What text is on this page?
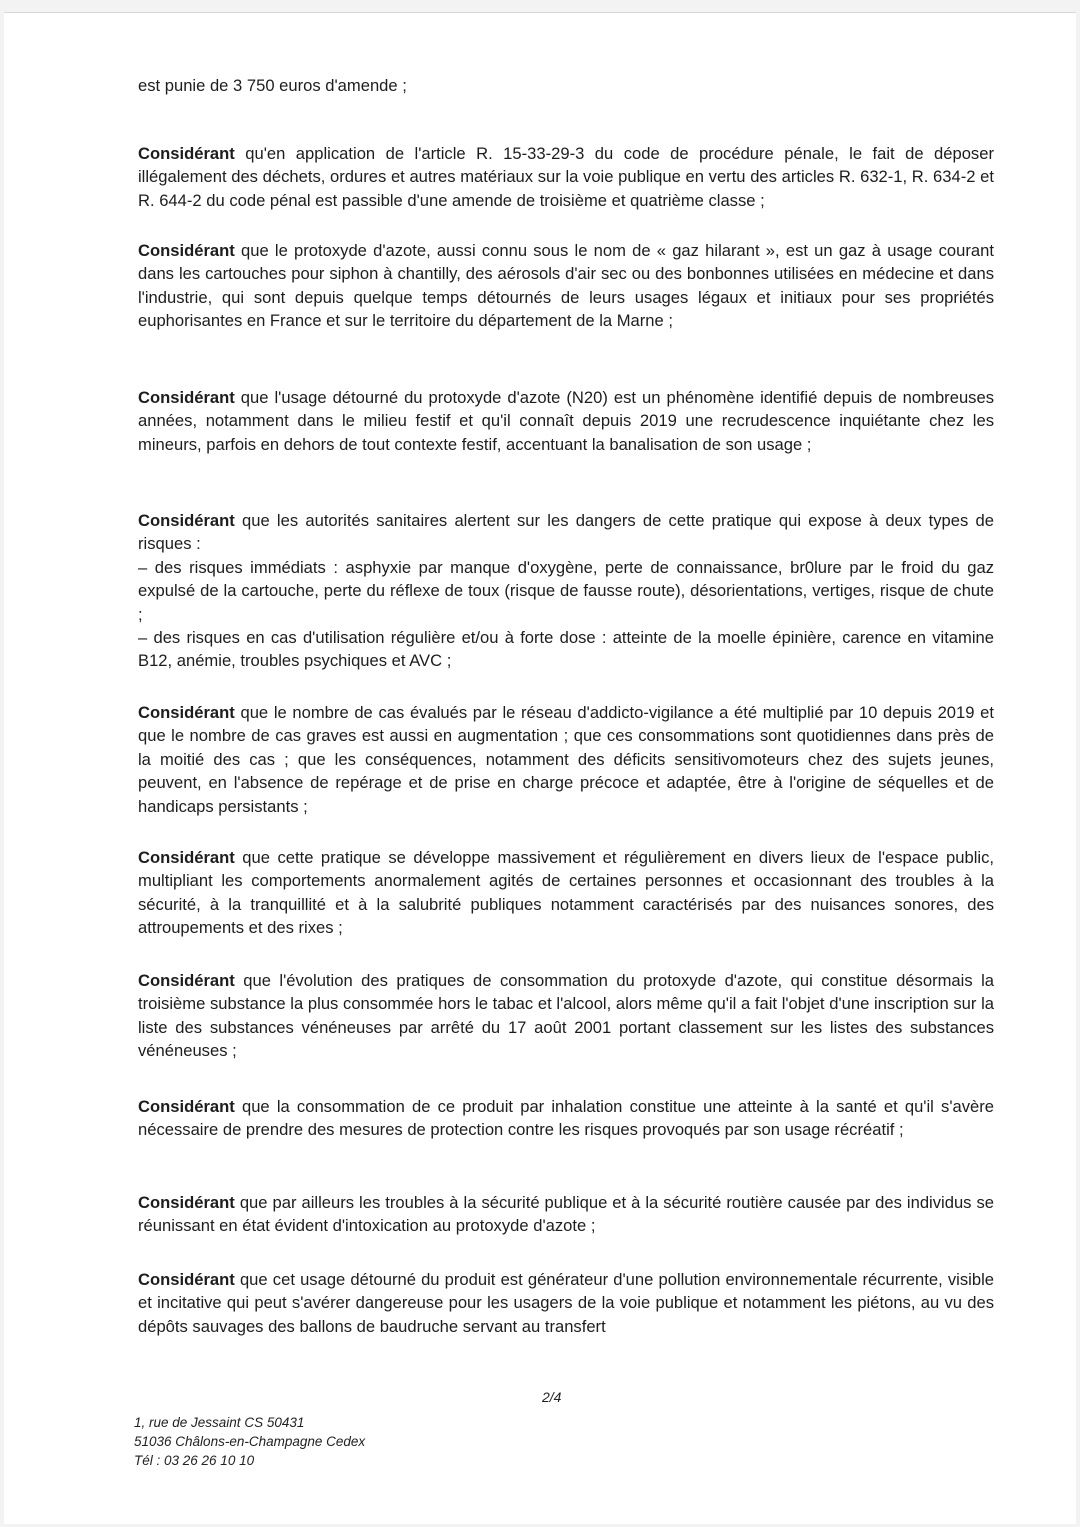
est punie de 3 750 euros d'amende ;
Considérant qu'en application de l'article R. 15-33-29-3 du code de procédure pénale, le fait de déposer illégalement des déchets, ordures et autres matériaux sur la voie publique en vertu des articles R. 632-1, R. 634-2 et R. 644-2 du code pénal est passible d'une amende de troisième et quatrième classe ;
Considérant que le protoxyde d'azote, aussi connu sous le nom de « gaz hilarant », est un gaz à usage courant dans les cartouches pour siphon à chantilly, des aérosols d'air sec ou des bonbonnes utilisées en médecine et dans l'industrie, qui sont depuis quelque temps détournés de leurs usages légaux et initiaux pour ses propriétés euphorisantes en France et sur le territoire du département de la Marne ;
Considérant que l'usage détourné du protoxyde d'azote (N20) est un phénomène identifié depuis de nombreuses années, notamment dans le milieu festif et qu'il connaît depuis 2019 une recrudescence inquiétante chez les mineurs, parfois en dehors de tout contexte festif, accentuant la banalisation de son usage ;
Considérant que les autorités sanitaires alertent sur les dangers de cette pratique qui expose à deux types de risques :
– des risques immédiats : asphyxie par manque d'oxygène, perte de connaissance, br0lure par le froid du gaz expulsé de la cartouche, perte du réflexe de toux (risque de fausse route), désorientations, vertiges, risque de chute ;
– des risques en cas d'utilisation régulière et/ou à forte dose : atteinte de la moelle épinière, carence en vitamine B12, anémie, troubles psychiques et AVC ;
Considérant que le nombre de cas évalués par le réseau d'addicto-vigilance a été multiplié par 10 depuis 2019 et que le nombre de cas graves est aussi en augmentation ; que ces consommations sont quotidiennes dans près de la moitié des cas ; que les conséquences, notamment des déficits sensitivomoteurs chez des sujets jeunes, peuvent, en l'absence de repérage et de prise en charge précoce et adaptée, être à l'origine de séquelles et de handicaps persistants ;
Considérant que cette pratique se développe massivement et régulièrement en divers lieux de l'espace public, multipliant les comportements anormalement agités de certaines personnes et occasionnant des troubles à la sécurité, à la tranquillité et à la salubrité publiques notamment caractérisés par des nuisances sonores, des attroupements et des rixes ;
Considérant que l'évolution des pratiques de consommation du protoxyde d'azote, qui constitue désormais la troisième substance la plus consommée hors le tabac et l'alcool, alors même qu'il a fait l'objet d'une inscription sur la liste des substances vénéneuses par arrêté du 17 août 2001 portant classement sur les listes des substances vénéneuses ;
Considérant que la consommation de ce produit par inhalation constitue une atteinte à la santé et qu'il s'avère nécessaire de prendre des mesures de protection contre les risques provoqués par son usage récréatif ;
Considérant que par ailleurs les troubles à la sécurité publique et à la sécurité routière causée par des individus se réunissant en état évident d'intoxication au protoxyde d'azote ;
Considérant que cet usage détourné du produit est générateur d'une pollution environnementale récurrente, visible et incitative qui peut s'avérer dangereuse pour les usagers de la voie publique et notamment les piétons, au vu des dépôts sauvages des ballons de baudruche servant au transfert
2/4
1, rue de Jessaint CS 50431
51036 Châlons-en-Champagne Cedex
Tél : 03 26 26 10 10
